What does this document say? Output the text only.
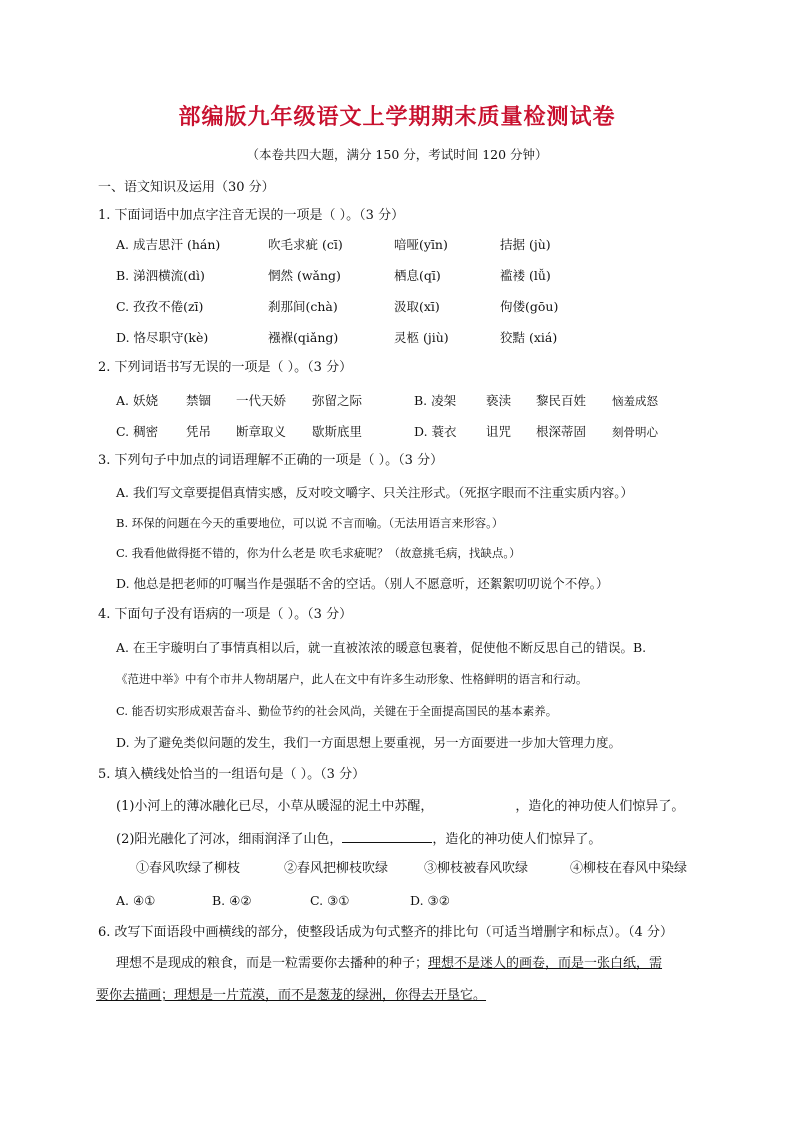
部编版九年级语文上学期期末质量检测试卷
（本卷共四大题，满分 150 分，考试时间 120 分钟）
一、语文知识及运用（30 分）
1. 下面词语中加点字注音无误的一项是（ ）。（3 分）
A. 成吉思汗 (hán)	吹毛求疵 (cī)	喑哑(yīn)	拮据 (jù)
B. 涕泗横流(dì)	惘然 (wǎng)	栖息(qī)	褴褛 (lǚ)
C. 孜孜不倦(zī)	刹那间(chà)	汲取(xī)	佝偻(gōu)
D. 恪尽职守(kè)	襁褓(qiǎng)	灵柩 (jiù)	狡黠 (xiá)
2. 下列词语书写无误的一项是（ ）。（3 分）
A. 妖娆 禁锢 一代天娇 弥留之际	B. 凌架 亵渎 黎民百姓 恼羞成怒
C. 稠密 凭吊 断章取义 歇斯底里	D. 蓑衣 诅咒 根深蒂固 刻骨明心
3. 下列句子中加点的词语理解不正确的一项是（ ）。（3 分）
A. 我们写文章要提倡真情实感，反对咬文嚼字、只关注形式。（死抠字眼而不注重实质内容。）
B. 环保的问题在今天的重要地位，可以说 不言而喻。（无法用语言来形容。）
C. 我看他做得挺不错的，你为什么老是 吹毛求疵呢？（故意挑毛病，找缺点。）
D. 他总是把老师的叮嘱当作是强聒不舍的空话。（别人不愿意听，还絮絮叨叨说个不停。）
4. 下面句子没有语病的一项是（ ）。（3 分）
A. 在王宇璇明白了事情真相以后，就一直被浓浓的暖意包裹着，促使他不断反思自己的错误。B.
《范进中举》中有个市井人物胡屠户，此人在文中有许多生动形象、性格鲜明的语言和行动。
C. 能否切实形成艰苦奋斗、勤俭节约的社会风尚，关键在于全面提高国民的基本素养。
D. 为了避免类似问题的发生，我们一方面思想上要重视，另一方面要进一步加大管理力度。
5. 填入横线处恰当的一组语句是（ ）。（3 分）
(1)小河上的薄冰融化已尽，小草从暖湿的泥土中苏醒，	，造化的神功使人们惊异了。
(2)阳光融化了河冰，细雨润泽了山色，	，造化的神功使人们惊异了。
①春风吹绿了柳枝	②春风把柳枝吹绿	③柳枝被春风吹绿	④柳枝在春风中染绿
A. ④①	B. ④②	C. ③①	D. ③②
6. 改写下面语段中画横线的部分，使整段话成为句式整齐的排比句（可适当增删字和标点）。（4 分）
理想不是现成的粮食，而是一粒需要你去播种的种子；理想不是迷人的画卷，而是一张白纸，需
要你去描画；理想是一片荒漠，而不是葱茏的绿洲，你得去开垦它。
